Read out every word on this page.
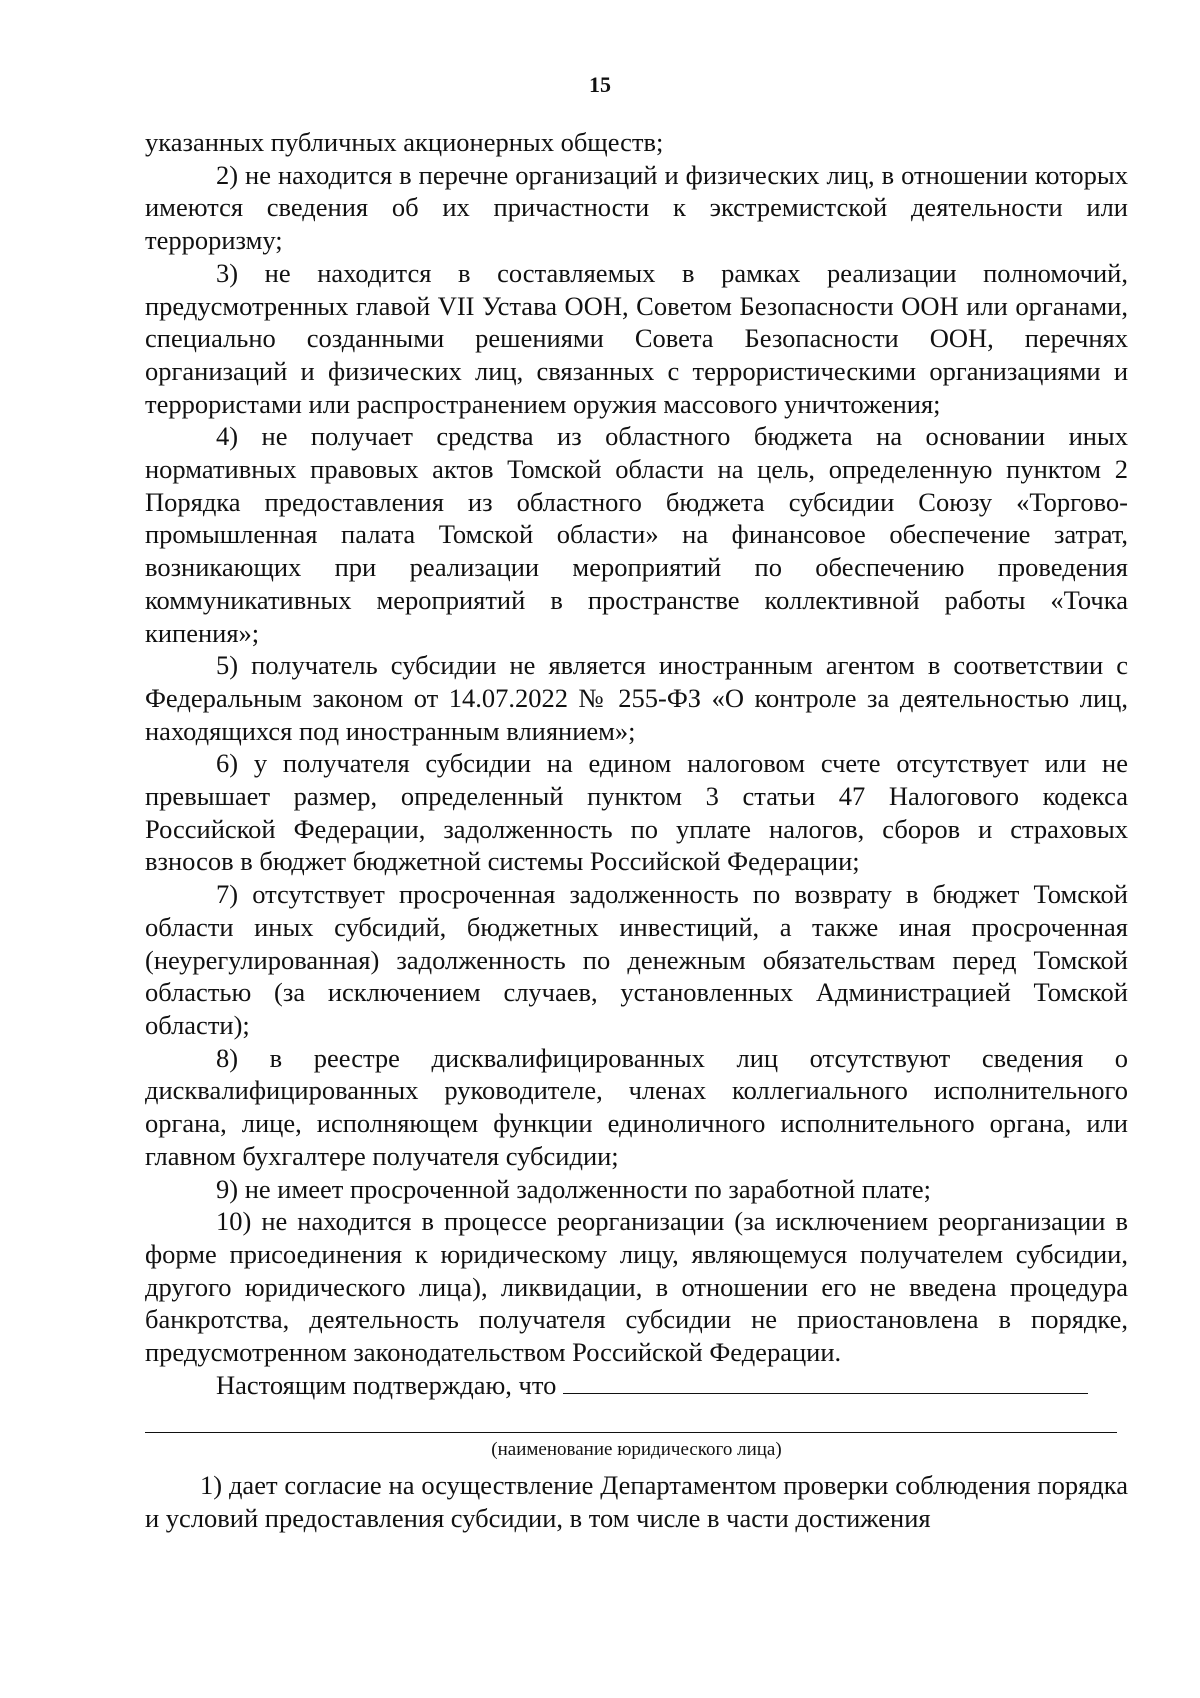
15

указанных публичных акционерных обществ;

2) не находится в перечне организаций и физических лиц, в отношении которых имеются сведения об их причастности к экстремистской деятельности или терроризму;

3) не находится в составляемых в рамках реализации полномочий, предусмотренных главой VII Устава ООН, Советом Безопасности ООН или органами, специально созданными решениями Совета Безопасности ООН, перечнях организаций и физических лиц, связанных с террористическими организациями и террористами или распространением оружия массового уничтожения;

4) не получает средства из областного бюджета на основании иных нормативных правовых актов Томской области на цель, определенную пунктом 2 Порядка предоставления из областного бюджета субсидии Союзу «Торгово-промышленная палата Томской области» на финансовое обеспечение затрат, возникающих при реализации мероприятий по обеспечению проведения коммуникативных мероприятий в пространстве коллективной работы «Точка кипения»;

5) получатель субсидии не является иностранным агентом в соответствии с Федеральным законом от 14.07.2022 № 255-ФЗ «О контроле за деятельностью лиц, находящихся под иностранным влиянием»;

6) у получателя субсидии на едином налоговом счете отсутствует или не превышает размер, определенный пунктом 3 статьи 47 Налогового кодекса Российской Федерации, задолженность по уплате налогов, сборов и страховых взносов в бюджет бюджетной системы Российской Федерации;

7) отсутствует просроченная задолженность по возврату в бюджет Томской области иных субсидий, бюджетных инвестиций, а также иная просроченная (неурегулированная) задолженность по денежным обязательствам перед Томской областью (за исключением случаев, установленных Администрацией Томской области);

8) в реестре дисквалифицированных лиц отсутствуют сведения о дисквалифицированных руководителе, членах коллегиального исполнительного органа, лице, исполняющем функции единоличного исполнительного органа, или главном бухгалтере получателя субсидии;

9) не имеет просроченной задолженности по заработной плате;

10) не находится в процессе реорганизации (за исключением реорганизации в форме присоединения к юридическому лицу, являющемуся получателем субсидии, другого юридического лица), ликвидации, в отношении его не введена процедура банкротства, деятельность получателя субсидии не приостановлена в порядке, предусмотренном законодательством Российской Федерации.

Настоящим подтверждаю, что

(наименование юридического лица)

1) дает согласие на осуществление Департаментом проверки соблюдения порядка и условий предоставления субсидии, в том числе в части достижения
